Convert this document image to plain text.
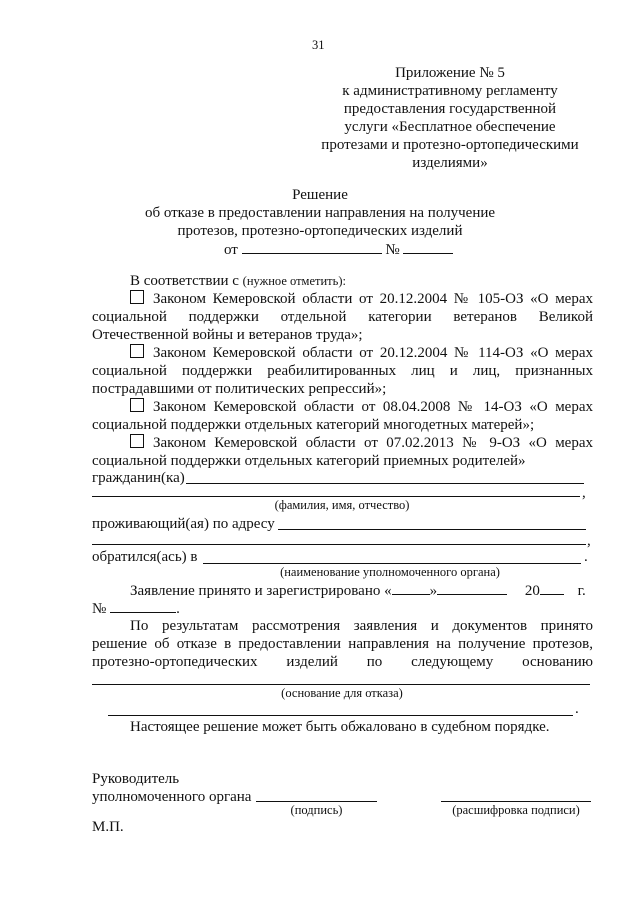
31
Приложение № 5
к административному регламенту
предоставления государственной
услуги «Бесплатное обеспечение
протезами и протезно-ортопедическими
изделиями»
Решение
об отказе в предоставлении направления на получение
протезов, протезно-ортопедических изделий
от	№
В соответствии с (нужное отметить):
Законом Кемеровской области от 20.12.2004 № 105-ОЗ «О мерах
социальной поддержки отдельной категории ветеранов Великой
Отечественной войны и ветеранов труда»;
Законом Кемеровской области от 20.12.2004 № 114-ОЗ «О мерах
социальной поддержки реабилитированных лиц и лиц, признанных
пострадавшими от политических репрессий»;
Законом Кемеровской области от 08.04.2008 № 14-ОЗ «О мерах
социальной поддержки отдельных категорий многодетных матерей»;
Законом Кемеровской области от 07.02.2013 № 9-ОЗ «О мерах
социальной поддержки отдельных категорий приемных родителей»
гражданин(ка)
,
(фамилия, имя, отчество)
проживающий(ая) по адресу
,
обратился(ась) в	.
(наименование уполномоченного органа)
Заявление принято и зарегистрировано «	»	20 г.
№	.
По результатам рассмотрения заявления и документов принято
решение об отказе в предоставлении направления на получение протезов,
протезно-ортопедических изделий по следующему основанию
(основание для отказа)
.
Настоящее решение может быть обжаловано в судебном порядке.
Руководитель
уполномоченного органа
(подпись)	(расшифровка подписи)
М.П.
